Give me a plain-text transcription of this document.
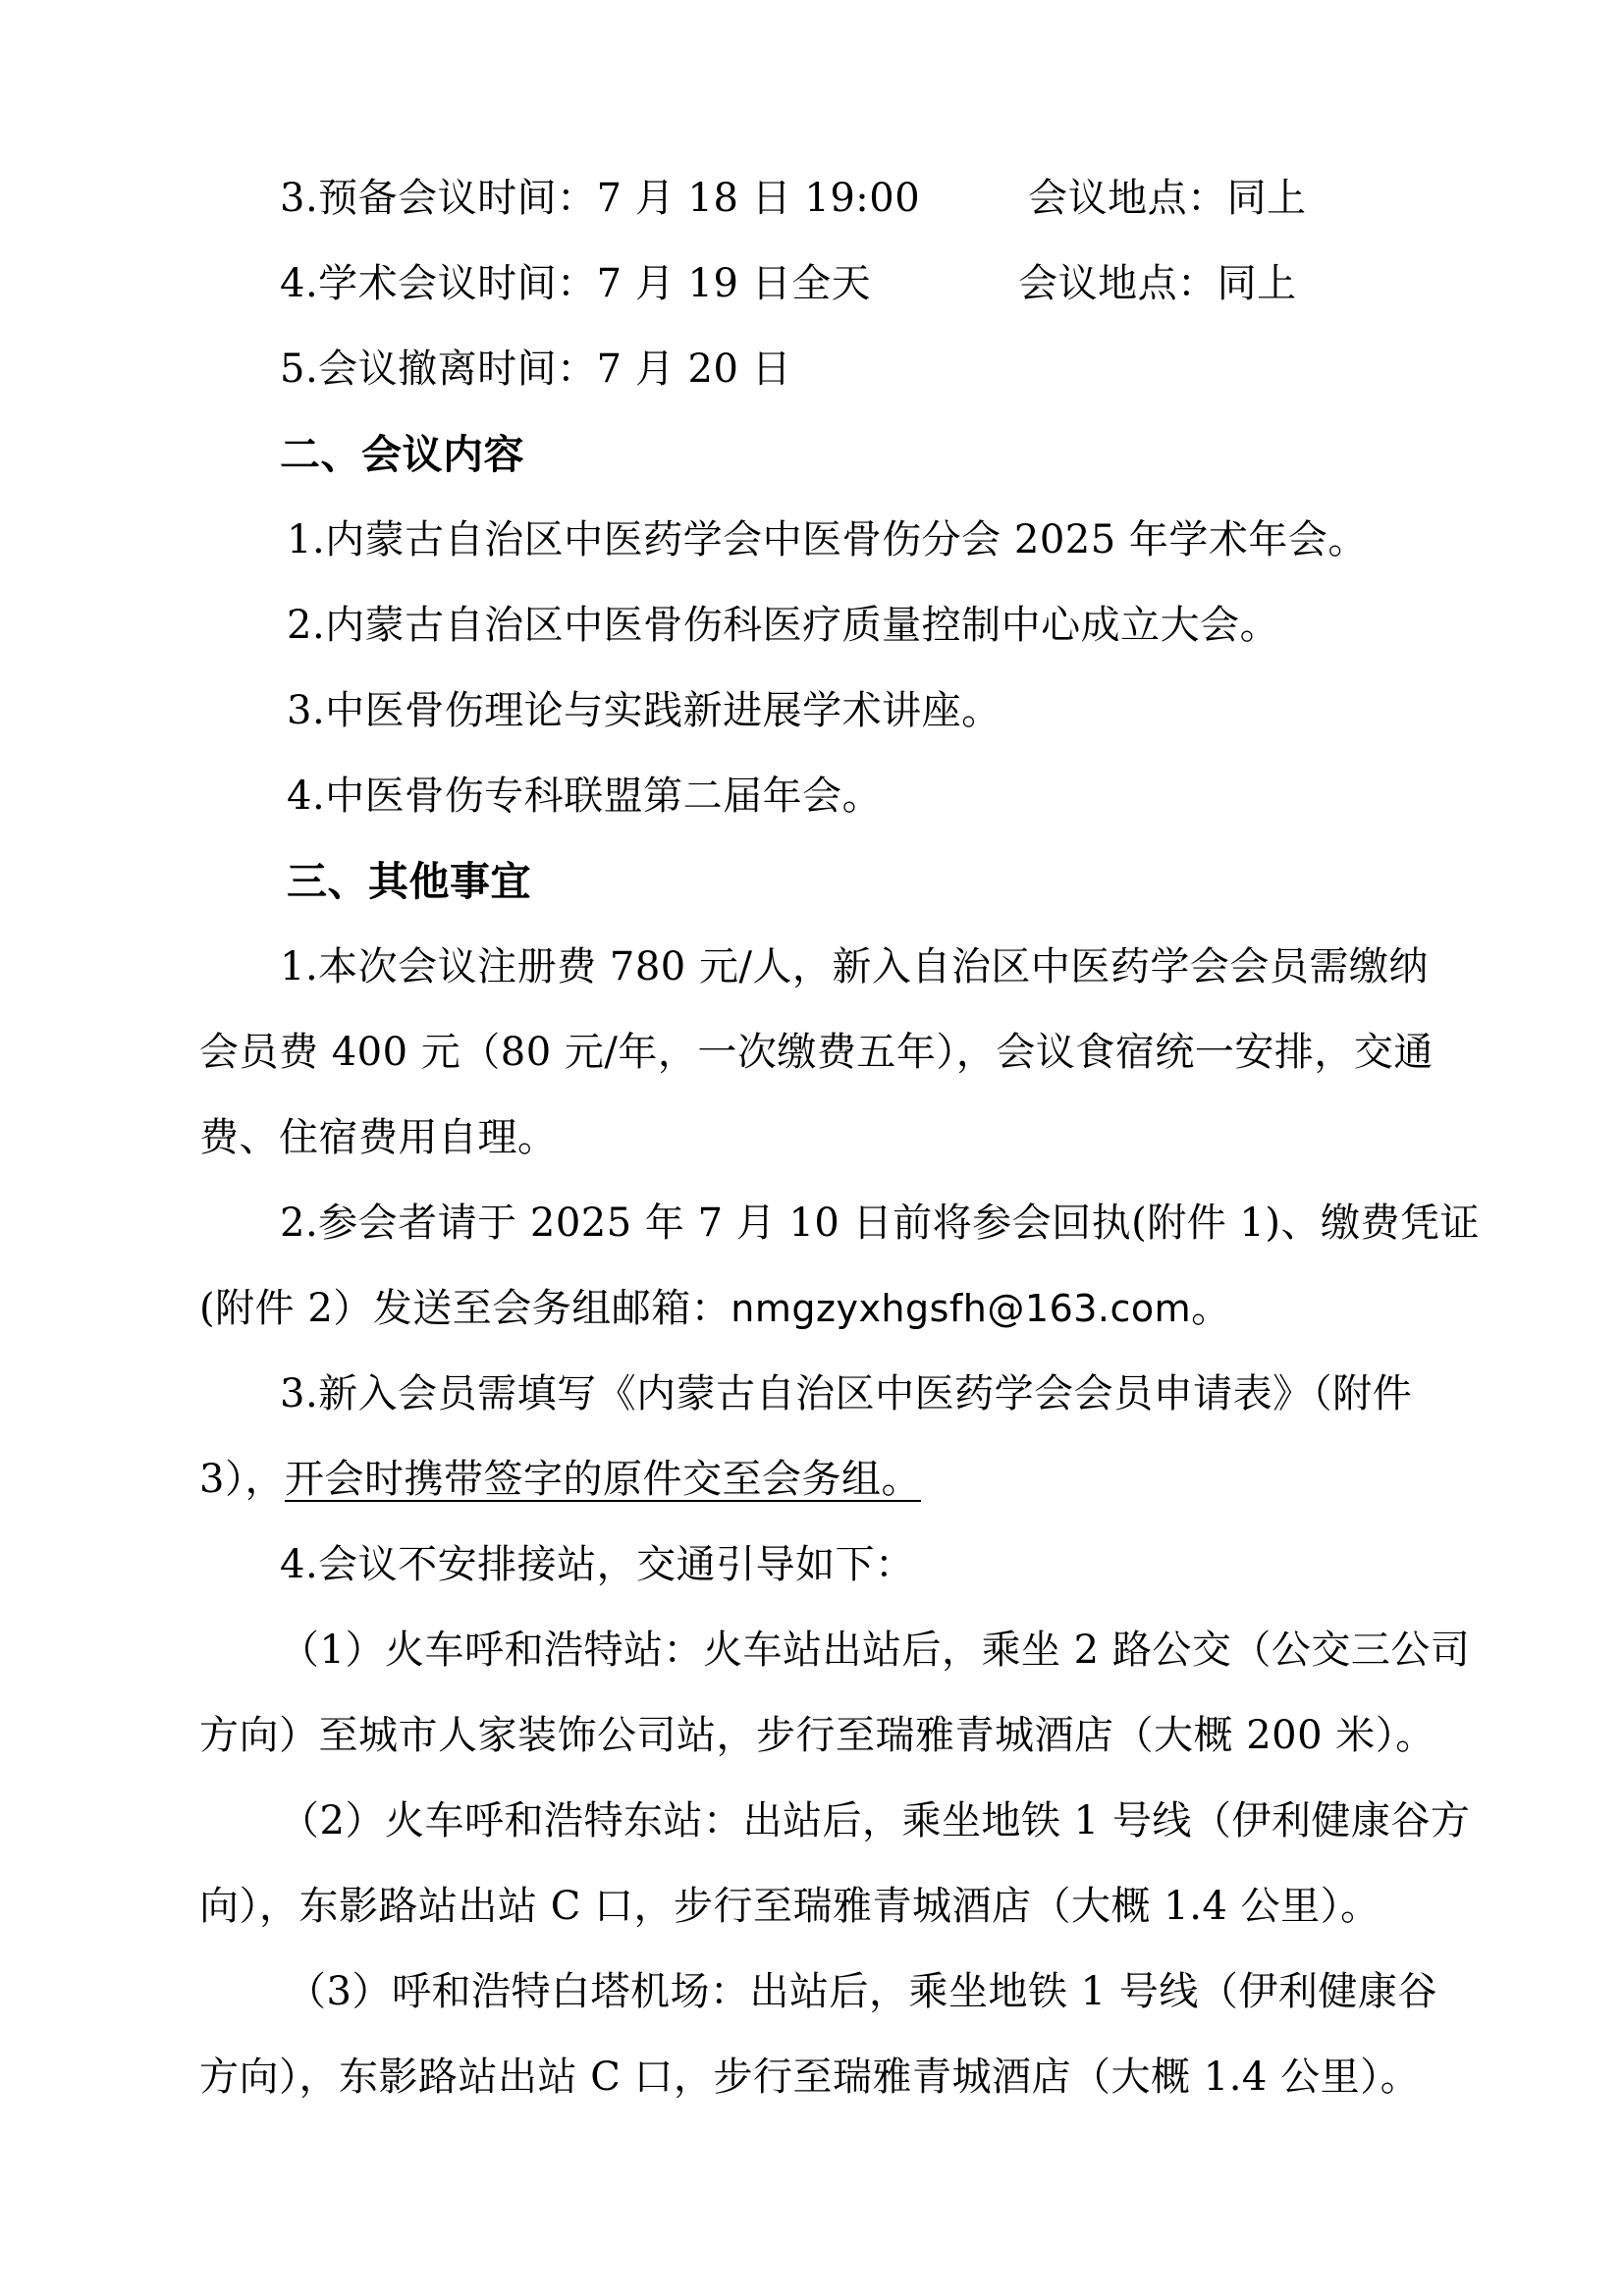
3.预备会议时间：7 月 18 日 19:00	会议地点：同上
4.学术会议时间：7 月 19 日全天	会议地点：同上
5.会议撤离时间：7 月 20 日
二、会议内容
1.内蒙古自治区中医药学会中医骨伤分会 2025 年学术年会。
2.内蒙古自治区中医骨伤科医疗质量控制中心成立大会。
3.中医骨伤理论与实践新进展学术讲座。
4.中医骨伤专科联盟第二届年会。
三、其他事宜
1.本次会议注册费 780 元/人，新入自治区中医药学会会员需缴纳
会员费 400 元（80 元/年，一次缴费五年），会议食宿统一安排，交通
费、住宿费用自理。
2.参会者请于 2025 年 7 月 10 日前将参会回执(附件 1)、缴费凭证
(附件 2）发送至会务组邮箱：nmgzyxhgsfh@163.com。
3.新入会员需填写《内蒙古自治区中医药学会会员申请表》（附件
3），开会时携带签字的原件交至会务组。
4.会议不安排接站，交通引导如下：
（1）火车呼和浩特站：火车站出站后，乘坐 2 路公交（公交三公司
方向）至城市人家装饰公司站，步行至瑞雅青城酒店（大概 200 米）。
（2）火车呼和浩特东站：出站后，乘坐地铁 1 号线（伊利健康谷方
向），东影路站出站 C 口，步行至瑞雅青城酒店（大概 1.4 公里）。
（3）呼和浩特白塔机场：出站后，乘坐地铁 1 号线（伊利健康谷
方向），东影路站出站 C 口，步行至瑞雅青城酒店（大概 1.4 公里）。
